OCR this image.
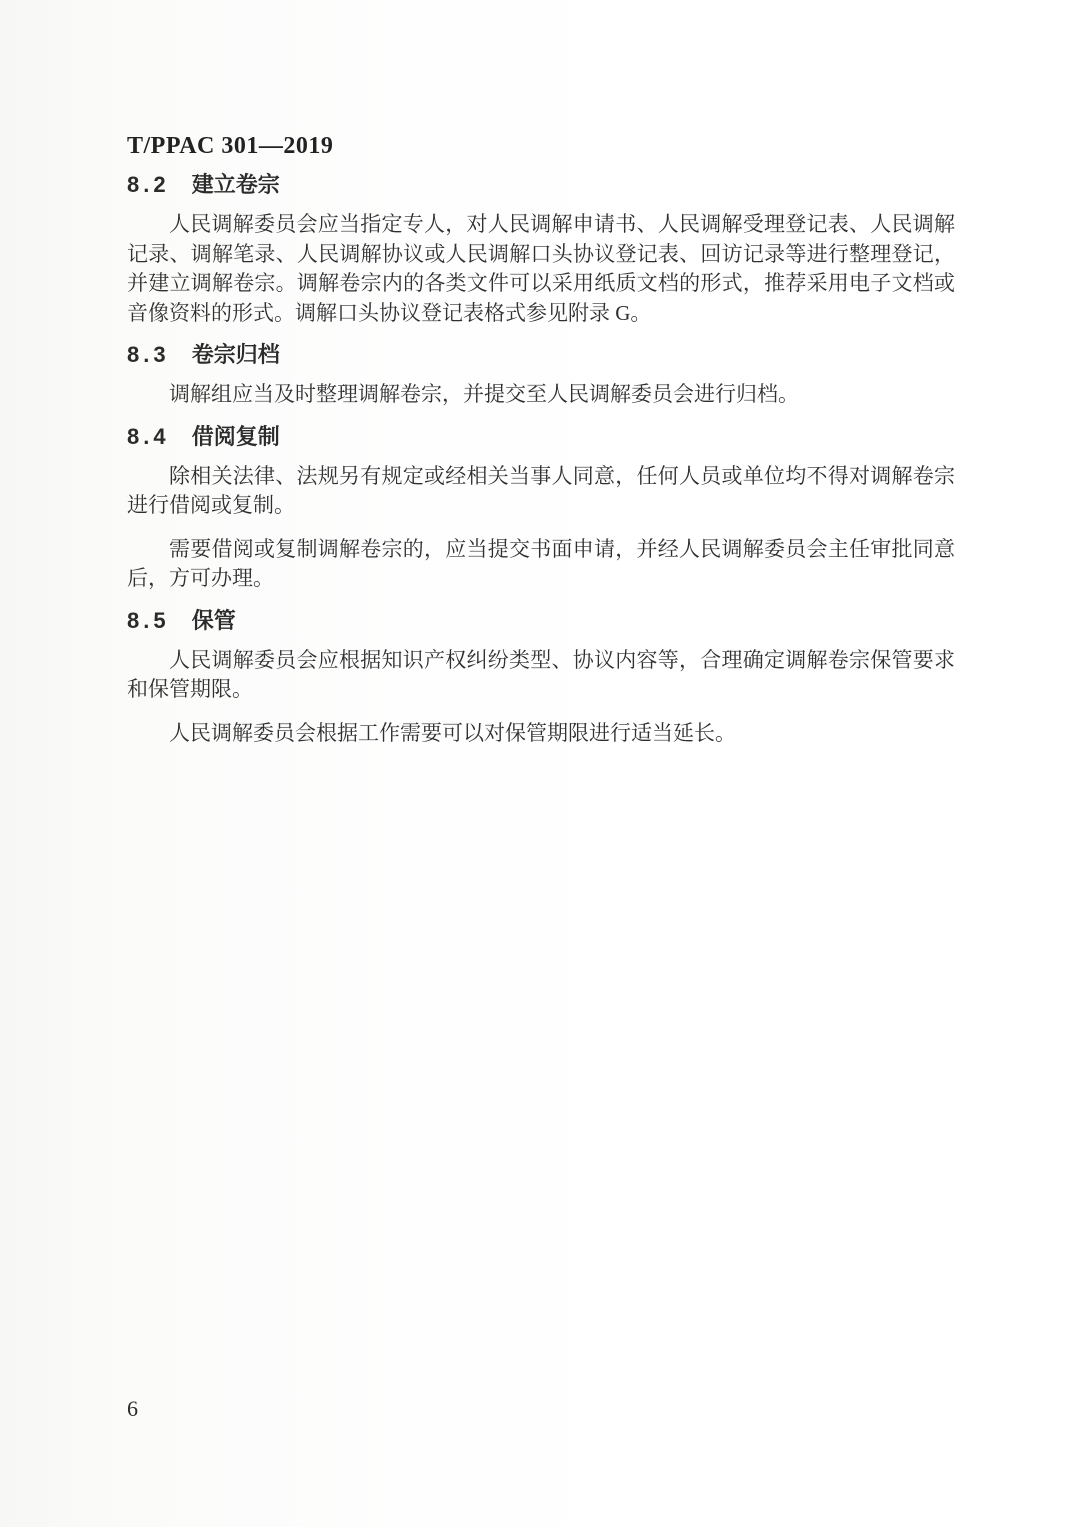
T/PPAC 301—2019
8.2 建立卷宗

人民调解委员会应当指定专人，对人民调解申请书、人民调解受理登记表、人民调解记录、调解笔录、人民调解协议或人民调解口头协议登记表、回访记录等进行整理登记，并建立调解卷宗。调解卷宗内的各类文件可以采用纸质文档的形式，推荐采用电子文档或音像资料的形式。调解口头协议登记表格式参见附录 G。

8.3 卷宗归档

调解组应当及时整理调解卷宗，并提交至人民调解委员会进行归档。

8.4 借阅复制

除相关法律、法规另有规定或经相关当事人同意，任何人员或单位均不得对调解卷宗进行借阅或复制。

需要借阅或复制调解卷宗的，应当提交书面申请，并经人民调解委员会主任审批同意后，方可办理。

8.5 保管

人民调解委员会应根据知识产权纠纷类型、协议内容等，合理确定调解卷宗保管要求和保管期限。

人民调解委员会根据工作需要可以对保管期限进行适当延长。

6
